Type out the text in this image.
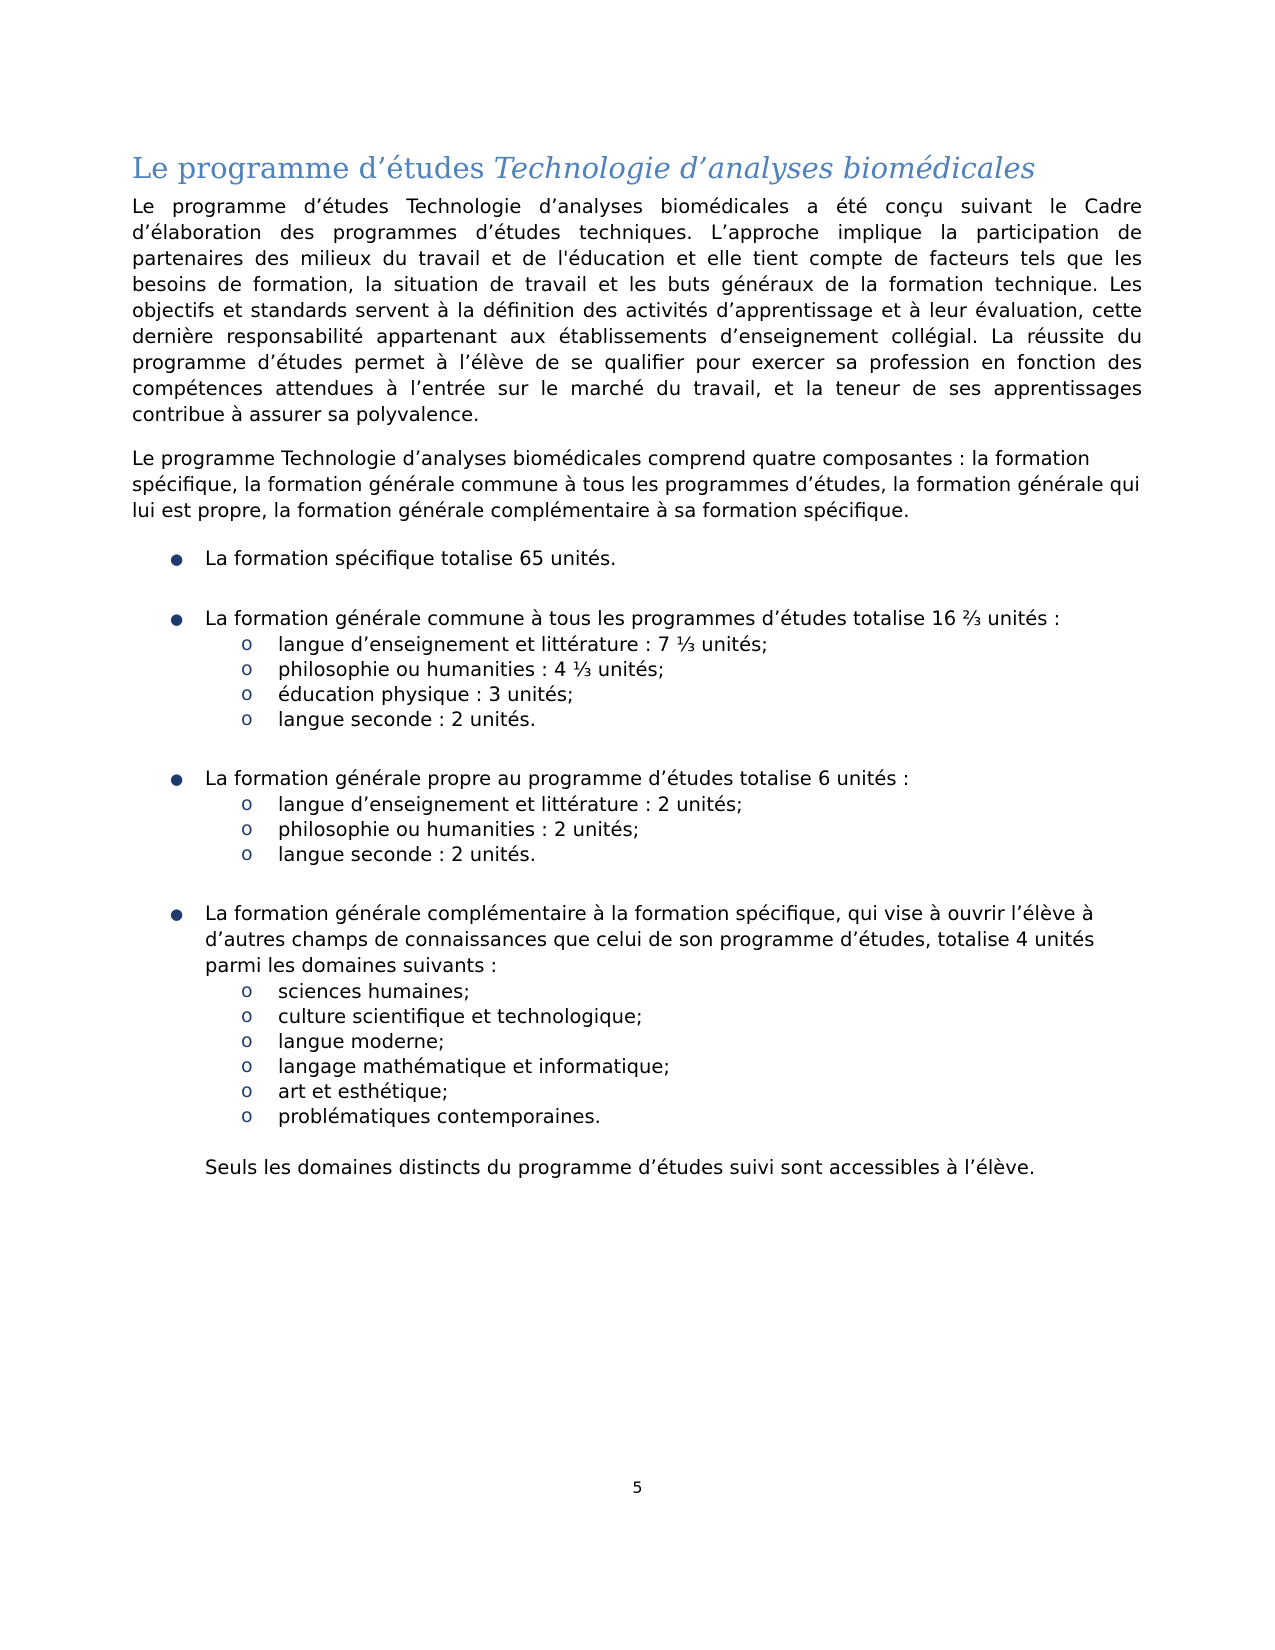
Le programme d’études Technologie d’analyses biomédicales

Le programme d’études Technologie d’analyses biomédicales a été conçu suivant le Cadre d’élaboration des programmes d’études techniques. L’approche implique la participation de partenaires des milieux du travail et de l'éducation et elle tient compte de facteurs tels que les besoins de formation, la situation de travail et les buts généraux de la formation technique. Les objectifs et standards servent à la définition des activités d’apprentissage et à leur évaluation, cette dernière responsabilité appartenant aux établissements d’enseignement collégial. La réussite du programme d’études permet à l’élève de se qualifier pour exercer sa profession en fonction des compétences attendues à l’entrée sur le marché du travail, et la teneur de ses apprentissages contribue à assurer sa polyvalence.

Le programme Technologie d’analyses biomédicales comprend quatre composantes : la formation spécifique, la formation générale commune à tous les programmes d’études, la formation générale qui lui est propre, la formation générale complémentaire à sa formation spécifique.

● La formation spécifique totalise 65 unités.
● La formation générale commune à tous les programmes d’études totalise 16 ⅔ unités :
o langue d’enseignement et littérature : 7 ⅓ unités;
o philosophie ou humanities : 4 ⅓ unités;
o éducation physique : 3 unités;
o langue seconde : 2 unités.
● La formation générale propre au programme d’études totalise 6 unités :
o langue d’enseignement et littérature : 2 unités;
o philosophie ou humanities : 2 unités;
o langue seconde : 2 unités.
● La formation générale complémentaire à la formation spécifique, qui vise à ouvrir l’élève à d’autres champs de connaissances que celui de son programme d’études, totalise 4 unités parmi les domaines suivants :
o sciences humaines;
o culture scientifique et technologique;
o langue moderne;
o langage mathématique et informatique;
o art et esthétique;
o problématiques contemporaines.

Seuls les domaines distincts du programme d’études suivi sont accessibles à l’élève.

5
